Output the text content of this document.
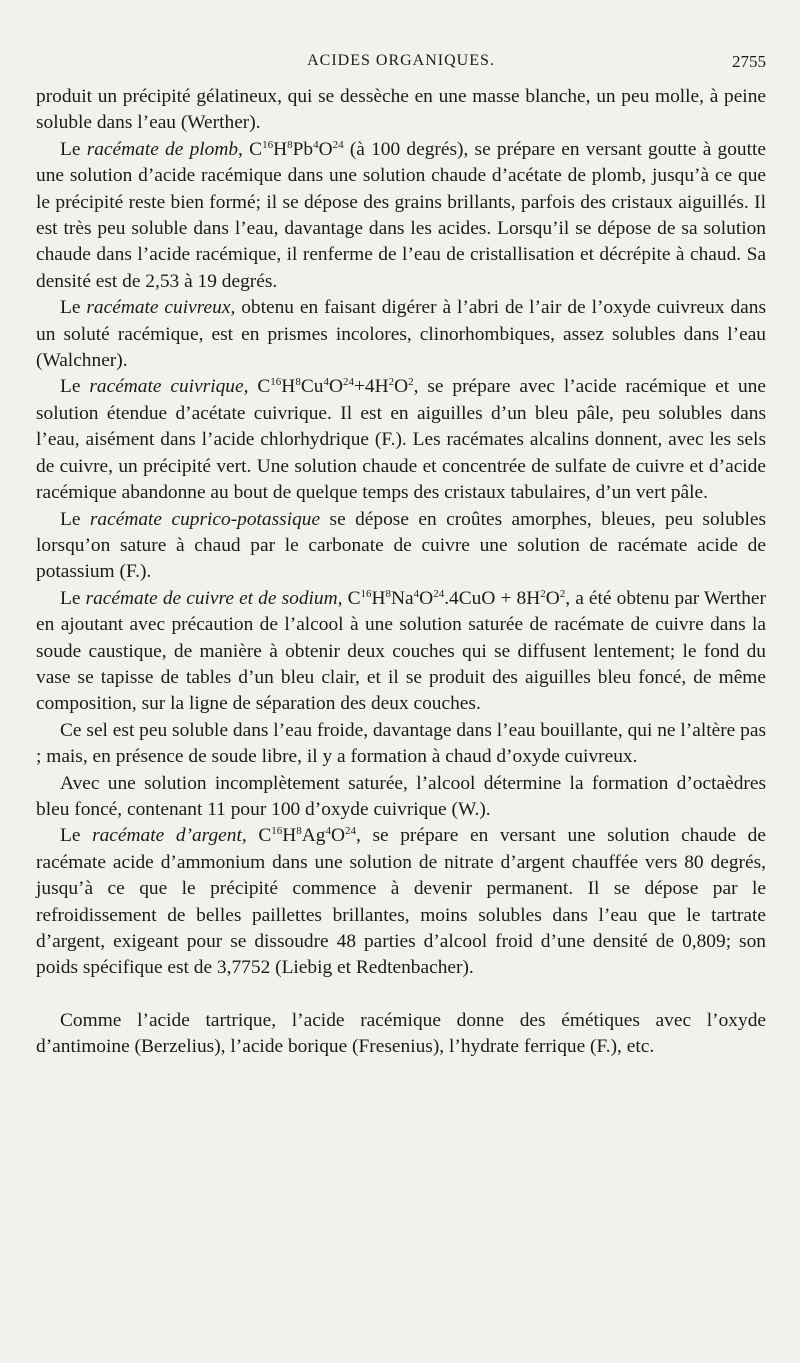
ACIDES ORGANIQUES.	2755

produit un précipité gélatineux, qui se dessèche en une masse blanche, un peu molle, à peine soluble dans l’eau (Werther).

Le racémate de plomb, $C^{16}H^8Pb^4O^{24}$ (à 100 degrés), se prépare en versant goutte à goutte une solution d’acide racémique dans une solution chaude d’acétate de plomb, jusqu’à ce que le précipité reste bien formé; il se dépose des grains brillants, parfois des cristaux aiguillés. Il est très peu soluble dans l’eau, davantage dans les acides. Lorsqu’il se dépose de sa solution chaude dans l’acide racémique, il renferme de l’eau de cristallisation et décrépite à chaud. Sa densité est de 2,53 à 19 degrés.

Le racémate cuivreux, obtenu en faisant digérer à l’abri de l’air de l’oxyde cuivreux dans un soluté racémique, est en prismes incolores, clinorhombiques, assez solubles dans l’eau (Walchner).

Le racémate cuivrique, $C^{16}H^8Cu^4O^{24}+4H^2O^2$, se prépare avec l’acide racémique et une solution étendue d’acétate cuivrique. Il est en aiguilles d’un bleu pâle, peu solubles dans l’eau, aisément dans l’acide chlorhydrique (F.). Les racémates alcalins donnent, avec les sels de cuivre, un précipité vert. Une solution chaude et concentrée de sulfate de cuivre et d’acide racémique abandonne au bout de quelque temps des cristaux tabulaires, d’un vert pâle.

Le racémate cuprico-potassique se dépose en croûtes amorphes, bleues, peu solubles lorsqu’on sature à chaud par le carbonate de cuivre une solution de racémate acide de potassium (F.).

Le racémate de cuivre et de sodium, $C^{16}H^8Na^4O^{24}.4CuO + 8H^2O^2$, a été obtenu par Werther en ajoutant avec précaution de l’alcool à une solution saturée de racémate de cuivre dans la soude caustique, de manière à obtenir deux couches qui se diffusent lentement; le fond du vase se tapisse de tables d’un bleu clair, et il se produit des aiguilles bleu foncé, de même composition, sur la ligne de séparation des deux couches.

Ce sel est peu soluble dans l’eau froide, davantage dans l’eau bouillante, qui ne l’altère pas ; mais, en présence de soude libre, il y a formation à chaud d’oxyde cuivreux.

Avec une solution incomplètement saturée, l’alcool détermine la formation d’octaèdres bleu foncé, contenant 11 pour 100 d’oxyde cuivrique (W.).

Le racémate d’argent, $C^{16}H^8Ag^4O^{24}$, se prépare en versant une solution chaude de racémate acide d’ammonium dans une solution de nitrate d’argent chauffée vers 80 degrés, jusqu’à ce que le précipité commence à devenir permanent. Il se dépose par le refroidissement de belles paillettes brillantes, moins solubles dans l’eau que le tartrate d’argent, exigeant pour se dissoudre 48 parties d’alcool froid d’une densité de 0,809; son poids spécifique est de 3,7752 (Liebig et Redtenbacher).

Comme l’acide tartrique, l’acide racémique donne des émétiques avec l’oxyde d’antimoine (Berzelius), l’acide borique (Fresenius), l’hydrate ferrique (F.), etc.
